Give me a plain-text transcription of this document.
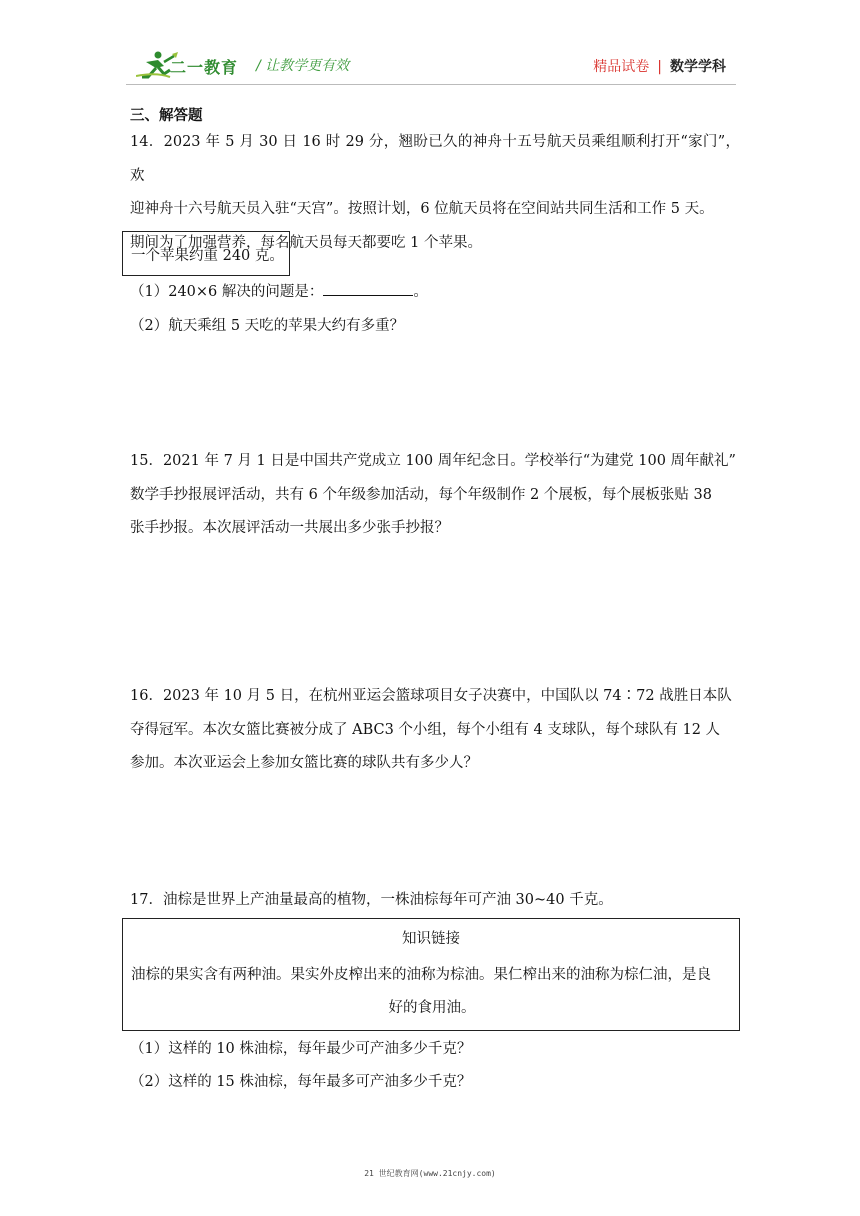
二一教育 / 让教学更有效	精品试卷 | 数学学科
三、解答题
14．2023 年 5 月 30 日 16 时 29 分，翘盼已久的神舟十五号航天员乘组顺利打开“家门”，欢
迎神舟十六号航天员入驻“天宫”。按照计划，6 位航天员将在空间站共同生活和工作 5 天。
期间为了加强营养，每名航天员每天都要吃 1 个苹果。
一个苹果约重 240 克。
（1）240×6 解决的问题是：	。
（2）航天乘组 5 天吃的苹果大约有多重？
15．2021 年 7 月 1 日是中国共产党成立 100 周年纪念日。学校举行“为建党 100 周年献礼”
数学手抄报展评活动，共有 6 个年级参加活动，每个年级制作 2 个展板，每个展板张贴 38
张手抄报。本次展评活动一共展出多少张手抄报？
16．2023 年 10 月 5 日，在杭州亚运会篮球项目女子决赛中，中国队以 74∶72 战胜日本队
夺得冠军。本次女篮比赛被分成了 ABC3 个小组，每个小组有 4 支球队，每个球队有 12 人
参加。本次亚运会上参加女篮比赛的球队共有多少人？
17．油棕是世界上产油量最高的植物，一株油棕每年可产油 30~40 千克。
知识链接
油棕的果实含有两种油。果实外皮榨出来的油称为棕油。果仁榨出来的油称为棕仁油，是良
好的食用油。
（1）这样的 10 株油棕，每年最少可产油多少千克？
（2）这样的 15 株油棕，每年最多可产油多少千克？
21 世纪教育网(www.21cnjy.com)
